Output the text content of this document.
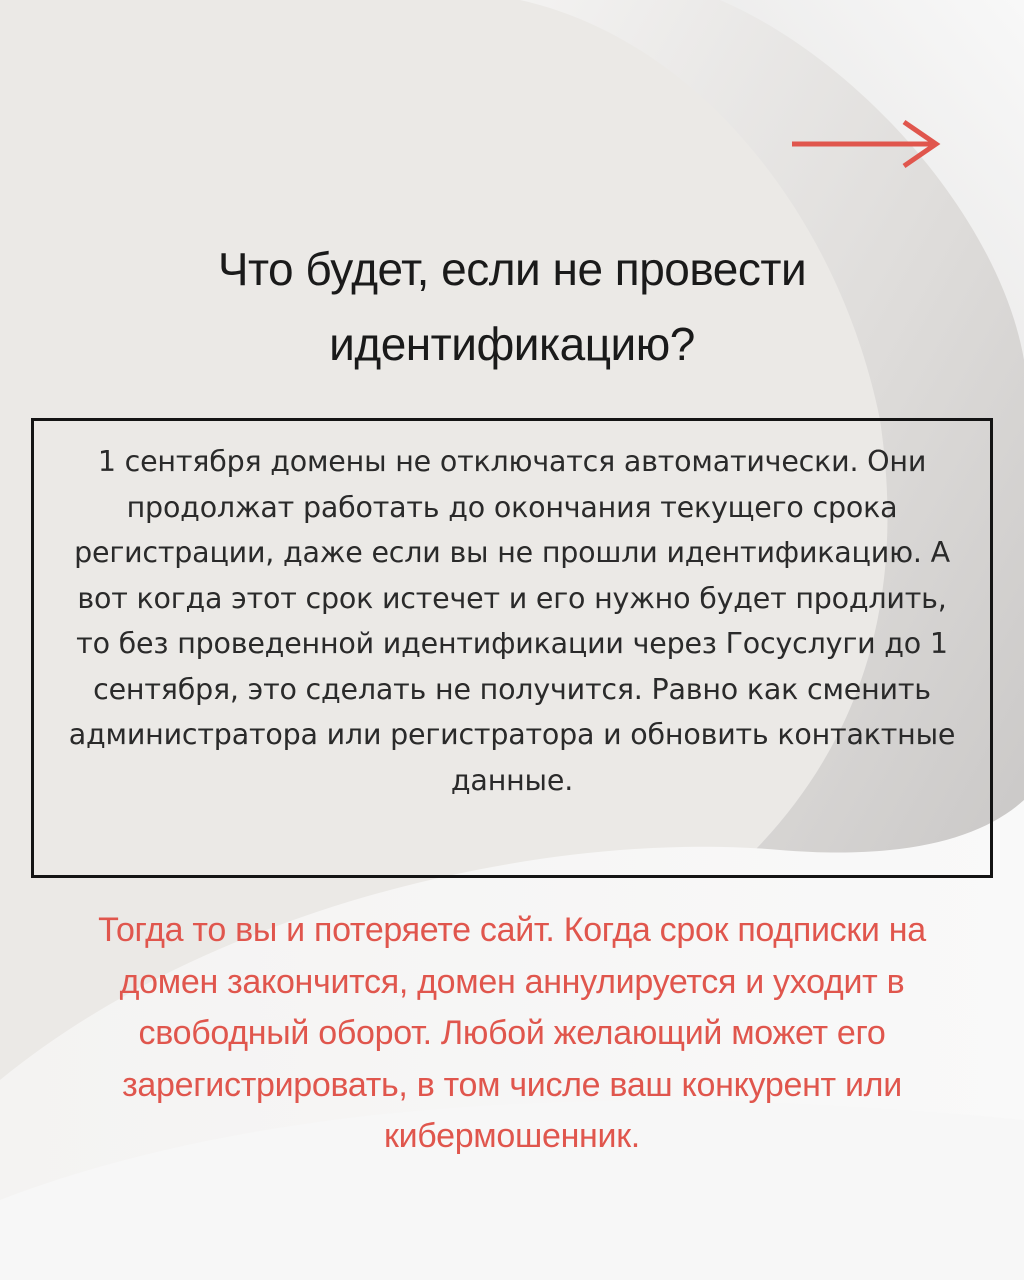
Что будет, если не провести
идентификацию?

1 сентября домены не отключатся автоматически. Они продолжат работать до окончания текущего срока регистрации, даже если вы не прошли идентификацию. А вот когда этот срок истечет и его нужно будет продлить, то без проведенной идентификации через Госуслуги до 1 сентября, это сделать не получится. Равно как сменить администратора или регистратора и обновить контактные данные.

Тогда то вы и потеряете сайт. Когда срок подписки на домен закончится, домен аннулируется и уходит в свободный оборот. Любой желающий может его зарегистрировать, в том числе ваш конкурент или кибермошенник.
